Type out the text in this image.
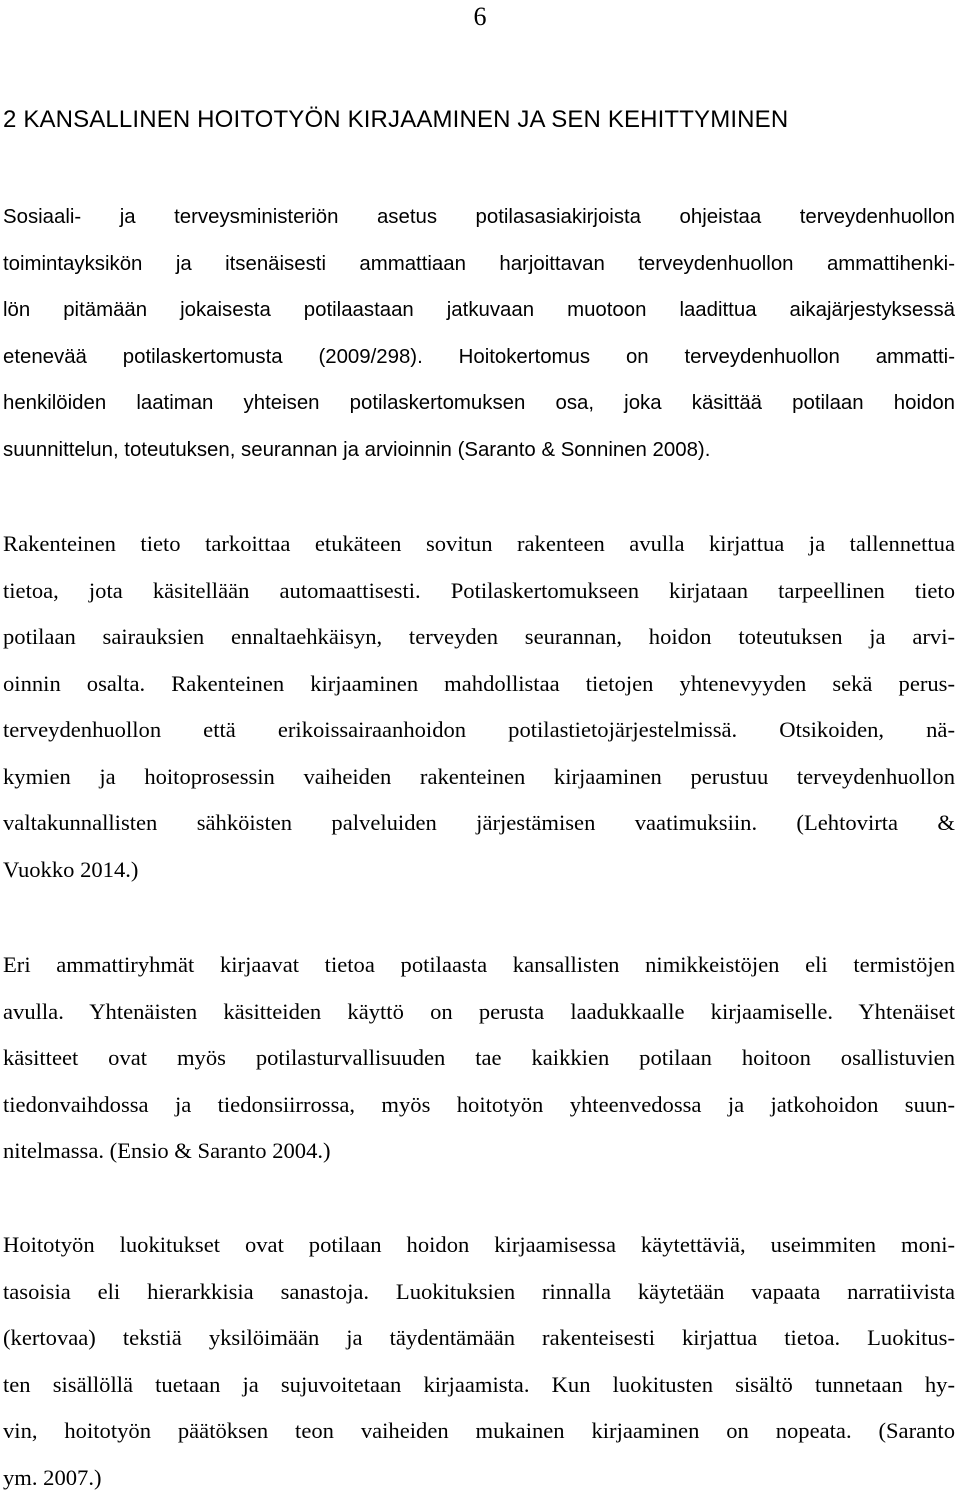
6
2 KANSALLINEN HOITOTYÖN KIRJAAMINEN JA SEN KEHITTYMINEN
Sosiaali- ja terveysministeriön asetus potilasasiakirjoista ohjeistaa terveydenhuollon
toimintayksikön ja itsenäisesti ammattiaan harjoittavan terveydenhuollon ammattihenki-
lön pitämään jokaisesta potilaastaan jatkuvaan muotoon laadittua aikajärjestyksessä
etenevää potilaskertomusta (2009/298). Hoitokertomus on terveydenhuollon ammatti-
henkilöiden laatiman yhteisen potilaskertomuksen osa, joka käsittää potilaan hoidon
suunnittelun, toteutuksen, seurannan ja arvioinnin (Saranto & Sonninen 2008).
Rakenteinen tieto tarkoittaa etukäteen sovitun rakenteen avulla kirjattua ja tallennettua
tietoa, jota käsitellään automaattisesti. Potilaskertomukseen kirjataan tarpeellinen tieto
potilaan sairauksien ennaltaehkäisyn, terveyden seurannan, hoidon toteutuksen ja arvi-
oinnin osalta. Rakenteinen kirjaaminen mahdollistaa tietojen yhtenevyyden sekä perus-
terveydenhuollon että erikoissairaanhoidon potilastietojärjestelmissä. Otsikoiden, nä-
kymien ja hoitoprosessin vaiheiden rakenteinen kirjaaminen perustuu terveydenhuollon
valtakunnallisten sähköisten palveluiden järjestämisen vaatimuksiin. (Lehtovirta &
Vuokko 2014.)
Eri ammattiryhmät kirjaavat tietoa potilaasta kansallisten nimikkeistöjen eli termistöjen
avulla. Yhtenäisten käsitteiden käyttö on perusta laadukkaalle kirjaamiselle. Yhtenäiset
käsitteet ovat myös potilasturvallisuuden tae kaikkien potilaan hoitoon osallistuvien
tiedonvaihdossa ja tiedonsiirrossa, myös hoitotyön yhteenvedossa ja jatkohoidon suun-
nitelmassa. (Ensio & Saranto 2004.)
Hoitotyön luokitukset ovat potilaan hoidon kirjaamisessa käytettäviä, useimmiten moni-
tasoisia eli hierarkkisia sanastoja. Luokituksien rinnalla käytetään vapaata narratiivista
(kertovaa) tekstiä yksilöimään ja täydentämään rakenteisesti kirjattua tietoa. Luokitus-
ten sisällöllä tuetaan ja sujuvoitetaan kirjaamista. Kun luokitusten sisältö tunnetaan hy-
vin, hoitotyön päätöksen teon vaiheiden mukainen kirjaaminen on nopeata. (Saranto
ym. 2007.)
